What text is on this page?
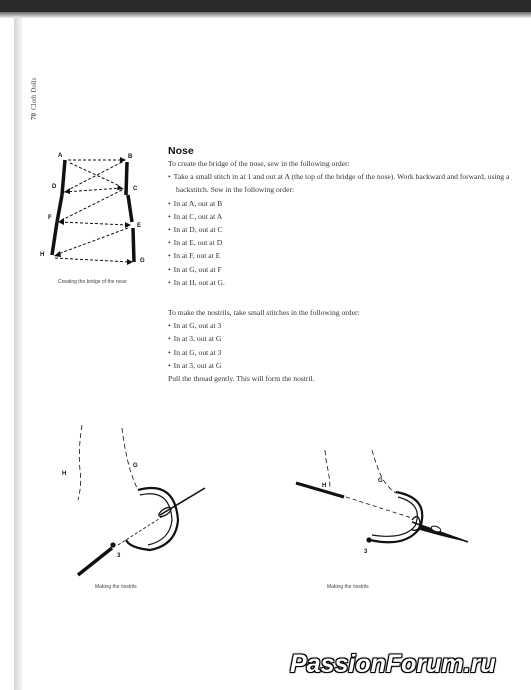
70Cloth Dolls
A	B
D	C
F
E
H
G
H
G
3
H
G
3
Creating the bridge of the nose
Making the nostrils	Making the nostrils
Nose

To create the bridge of the nose, sew in the following order:

• Take a small stitch in at 1 and out at A (the top of the bridge of the nose). Work backward and forward, using a backstitch. Sew in the following order:
• In at A, out at B
• In at C, out at A
• In at D, out at C
• In at E, out at D
• In at F, out at E
• In at G, out at F
• In at H, out at G.

To make the nostrils, take small stitches in the following order:

• In at G, out at 3
• In at 3, out at G
• In at G, out at 3
• In at 3, out at G

Pull the thread gently. This will form the nostril.

PassionForum.ru
